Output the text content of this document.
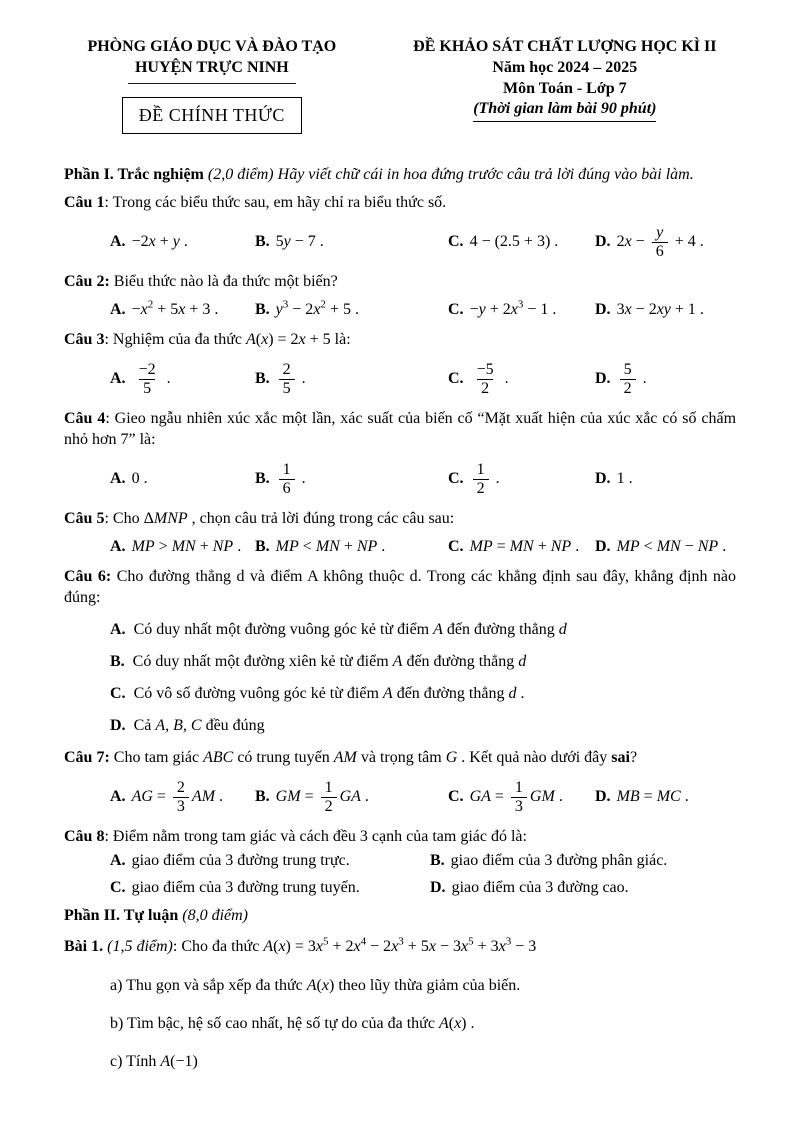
PHÒNG GIÁO DỤC VÀ ĐÀO TẠO
HUYỆN TRỰC NINH
ĐỀ CHÍNH THỨC
ĐỀ KHẢO SÁT CHẤT LƯỢNG HỌC KÌ II
Năm học 2024 – 2025
Môn Toán - Lớp 7
(Thời gian làm bài 90 phút)

Phần I. Trắc nghiệm (2,0 điểm) Hãy viết chữ cái in hoa đứng trước câu trả lời đúng vào bài làm.

Câu 1: Trong các biểu thức sau, em hãy chỉ ra biểu thức số.

A. −2x + y .	B. 5y − 7 .	C. 4 − (2.5 + 3) . D. $2x - \frac{y}{6} + 4$ .

Câu 2: Biểu thức nào là đa thức một biến?

A. $-x^2 + 5x + 3$ . B. $y^3 - 2x^2 + 5$ .	C. $-y + 2x^3 - 1$ . D. 3x − 2xy + 1 .

Câu 3: Nghiệm của đa thức A(x) = 2x + 5 là:

A. $\frac{-2}{5}$ .	B. $\frac{2}{5}$ .	C. $\frac{-5}{2}$ .	D. $\frac{5}{2}$ .

Câu 4: Gieo ngẫu nhiên xúc xắc một lần, xác suất của biến cố “Mặt xuất hiện của xúc xắc có số chấm nhỏ hơn 7” là:

A. 0 .	B. $\frac{1}{6}$ .	C. $\frac{1}{2}$ .	D. 1 .

Câu 5: Cho ΔMNP , chọn câu trả lời đúng trong các câu sau:

A. MP > MN + NP . B. MP < MN + NP .	C. MP = MN + NP . D. MP < MN − NP .

Câu 6: Cho đường thẳng d và điểm A không thuộc d. Trong các khẳng định sau đây, khẳng định nào đúng:

A. Có duy nhất một đường vuông góc kẻ từ điểm A đến đường thẳng d
B. Có duy nhất một đường xiên kẻ từ điểm A đến đường thẳng d
C. Có vô số đường vuông góc kẻ từ điểm A đến đường thẳng d .
D. Cả A, B, C đều đúng

Câu 7: Cho tam giác ABC có trung tuyến AM và trọng tâm G . Kết quả nào dưới đây sai?

A. AG = $\frac{2}{3}$ AM . B. GM = $\frac{1}{2}$ GA .	C. GA = $\frac{1}{3}$ GM . D. MB = MC .

Câu 8: Điểm nằm trong tam giác và cách đều 3 cạnh của tam giác đó là:

A. giao điểm của 3 đường trung trực.	B. giao điểm của 3 đường phân giác.
C. giao điểm của 3 đường trung tuyến.	D. giao điểm của 3 đường cao.

Phần II. Tự luận (8,0 điểm)

Bài 1. (1,5 điểm): Cho đa thức $A(x) = 3x^5 + 2x^4 - 2x^3 + 5x - 3x^5 + 3x^3 - 3$

a) Thu gọn và sắp xếp đa thức A(x) theo lũy thừa giảm của biến.

b) Tìm bậc, hệ số cao nhất, hệ số tự do của đa thức A(x) .

c) Tính A(−1)
